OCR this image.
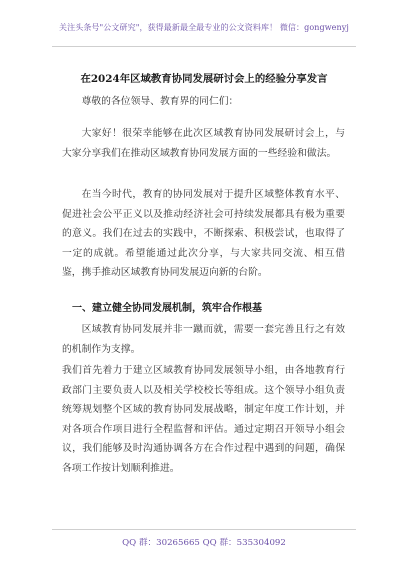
关注头条号"公文研究"，获得最新最全最专业的公文资料库！ 微信：gongwenyj
在2024年区域教育协同发展研讨会上的经验分享发言

尊敬的各位领导、教育界的同仁们：

大家好！很荣幸能够在此次区域教育协同发展研讨会上，与大家分享我们在推动区域教育协同发展方面的一些经验和做法。

在当今时代，教育的协同发展对于提升区域整体教育水平、促进社会公平正义以及推动经济社会可持续发展都具有极为重要的意义。我们在过去的实践中，不断探索、积极尝试，也取得了一定的成就。希望能通过此次分享，与大家共同交流、相互借鉴，携手推动区域教育协同发展迈向新的台阶。

一、建立健全协同发展机制，筑牢合作根基

区域教育协同发展并非一蹴而就，需要一套完善且行之有效的机制作为支撑。

我们首先着力于建立区域教育协同发展领导小组，由各地教育行政部门主要负责人以及相关学校校长等组成。这个领导小组负责统筹规划整个区域的教育协同发展战略，制定年度工作计划，并对各项合作项目进行全程监督和评估。通过定期召开领导小组会议，我们能够及时沟通协调各方在合作过程中遇到的问题，确保各项工作按计划顺利推进。

QQ 群：30265665 QQ 群：535304092
